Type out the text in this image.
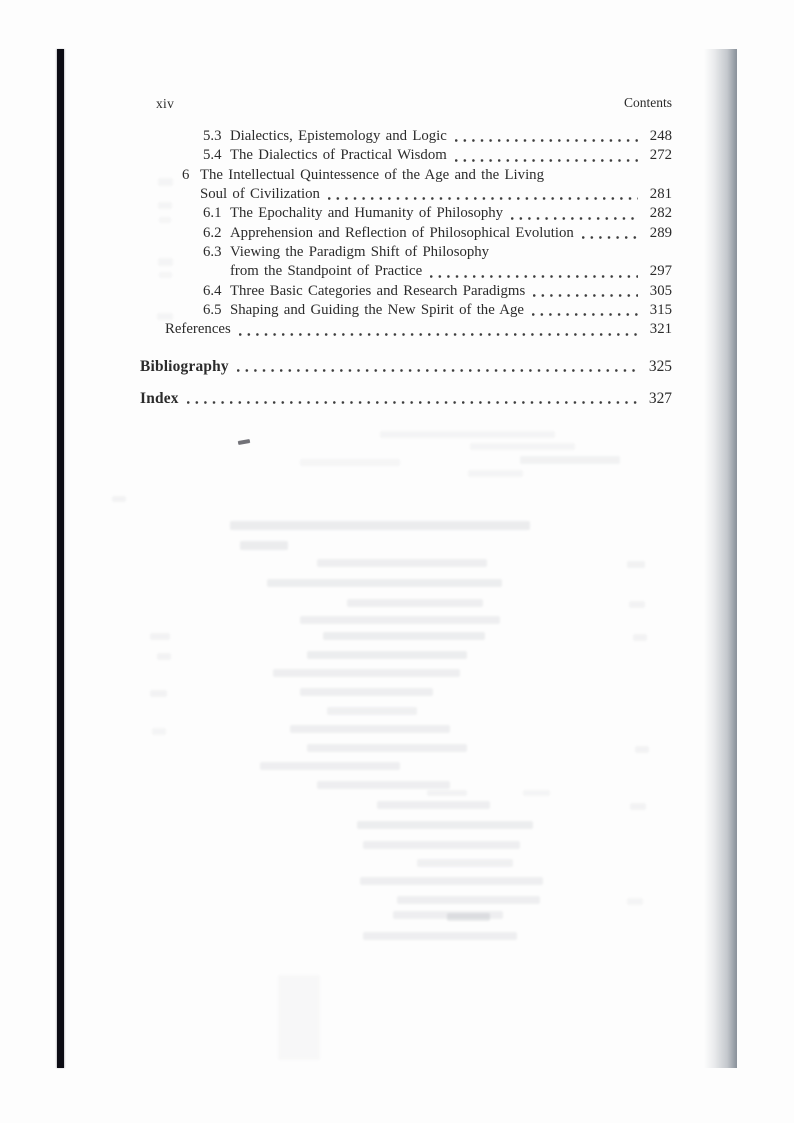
xiv	Contents
5.3 Dialectics, Epistemology and Logic	248
5.4 The Dialectics of Practical Wisdom	272
6 The Intellectual Quintessence of the Age and the Living
Soul of Civilization	281
6.1 The Epochality and Humanity of Philosophy	282
6.2 Apprehension and Reflection of Philosophical Evolution	289
6.3 Viewing the Paradigm Shift of Philosophy
from the Standpoint of Practice	297
6.4 Three Basic Categories and Research Paradigms	305
6.5 Shaping and Guiding the New Spirit of the Age	315
References	321
Bibliography	325
Index	327
